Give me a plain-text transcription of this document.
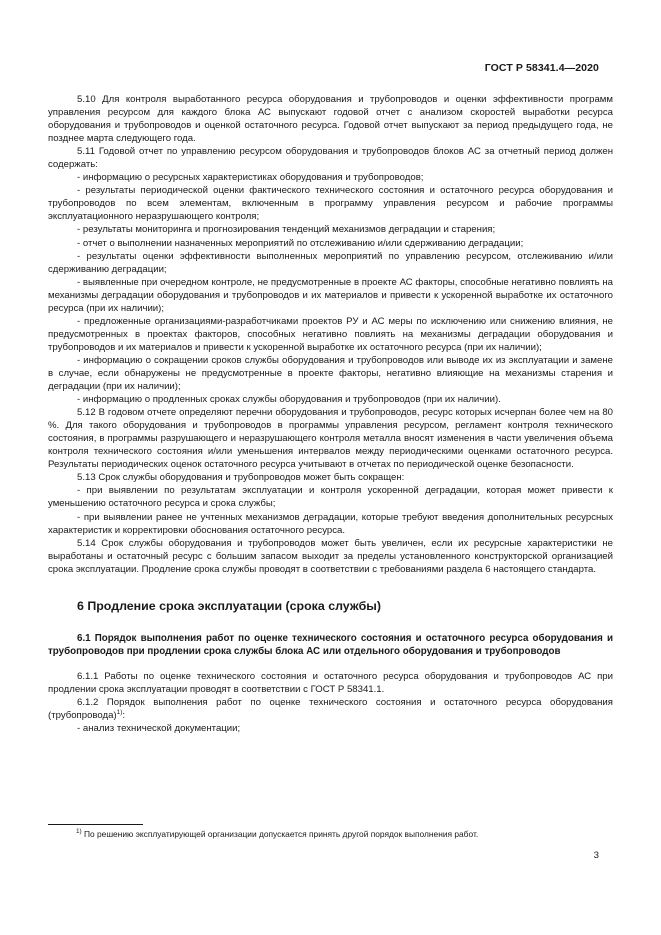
ГОСТ Р 58341.4—2020

5.10 Для контроля выработанного ресурса оборудования и трубопроводов и оценки эффективности программ управления ресурсом для каждого блока АС выпускают годовой отчет с анализом скоростей выработки ресурса оборудования и трубопроводов и оценкой остаточного ресурса. Годовой отчет выпускают за период предыдущего года, не позднее марта следующего года.

5.11 Годовой отчет по управлению ресурсом оборудования и трубопроводов блоков АС за отчетный период должен содержать:

- информацию о ресурсных характеристиках оборудования и трубопроводов;

- результаты периодической оценки фактического технического состояния и остаточного ресурса оборудования и трубопроводов по всем элементам, включенным в программу управления ресурсом и рабочие программы эксплуатационного неразрушающего контроля;

- результаты мониторинга и прогнозирования тенденций механизмов деградации и старения;

- отчет о выполнении назначенных мероприятий по отслеживанию и/или сдерживанию деградации;

- результаты оценки эффективности выполненных мероприятий по управлению ресурсом, отслеживанию и/или сдерживанию деградации;

- выявленные при очередном контроле, не предусмотренные в проекте АС факторы, способные негативно повлиять на механизмы деградации оборудования и трубопроводов и их материалов и привести к ускоренной выработке их остаточного ресурса (при их наличии);

- предложенные организациями-разработчиками проектов РУ и АС меры по исключению или снижению влияния, не предусмотренных в проектах факторов, способных негативно повлиять на механизмы деградации оборудования и трубопроводов и их материалов и привести к ускоренной выработке их остаточного ресурса (при их наличии);

- информацию о сокращении сроков службы оборудования и трубопроводов или выводе их из эксплуатации и замене в случае, если обнаружены не предусмотренные в проекте факторы, негативно влияющие на механизмы старения и деградации (при их наличии);

- информацию о продленных сроках службы оборудования и трубопроводов (при их наличии).

5.12 В годовом отчете определяют перечни оборудования и трубопроводов, ресурс которых исчерпан более чем на 80 %. Для такого оборудования и трубопроводов в программы управления ресурсом, регламент контроля технического состояния, в программы разрушающего и неразрушающего контроля металла вносят изменения в части увеличения объема контроля технического состояния и/или уменьшения интервалов между периодическими оценками остаточного ресурса. Результаты периодических оценок остаточного ресурса учитывают в отчетах по периодической оценке безопасности.

5.13 Срок службы оборудования и трубопроводов может быть сокращен:

- при выявлении по результатам эксплуатации и контроля ускоренной деградации, которая может привести к уменьшению остаточного ресурса и срока службы;

- при выявлении ранее не учтенных механизмов деградации, которые требуют введения дополнительных ресурсных характеристик и корректировки обоснования остаточного ресурса.

5.14 Срок службы оборудования и трубопроводов может быть увеличен, если их ресурсные характеристики не выработаны и остаточный ресурс с большим запасом выходит за пределы установленного конструкторской организацией срока эксплуатации. Продление срока службы проводят в соответствии с требованиями раздела 6 настоящего стандарта.

6 Продление срока эксплуатации (срока службы)
6.1 Порядок выполнения работ по оценке технического состояния и остаточного ресурса оборудования и трубопроводов при продлении срока службы блока АС или отдельного оборудования и трубопроводов

6.1.1 Работы по оценке технического состояния и остаточного ресурса оборудования и трубопроводов АС при продлении срока эксплуатации проводят в соответствии с ГОСТ Р 58341.1.

6.1.2 Порядок выполнения работ по оценке технического состояния и остаточного ресурса оборудования (трубопровода)$^{1)}$:

- анализ технической документации;

$^{1)}$ По решению эксплуатирующей организации допускается принять другой порядок выполнения работ.
3
